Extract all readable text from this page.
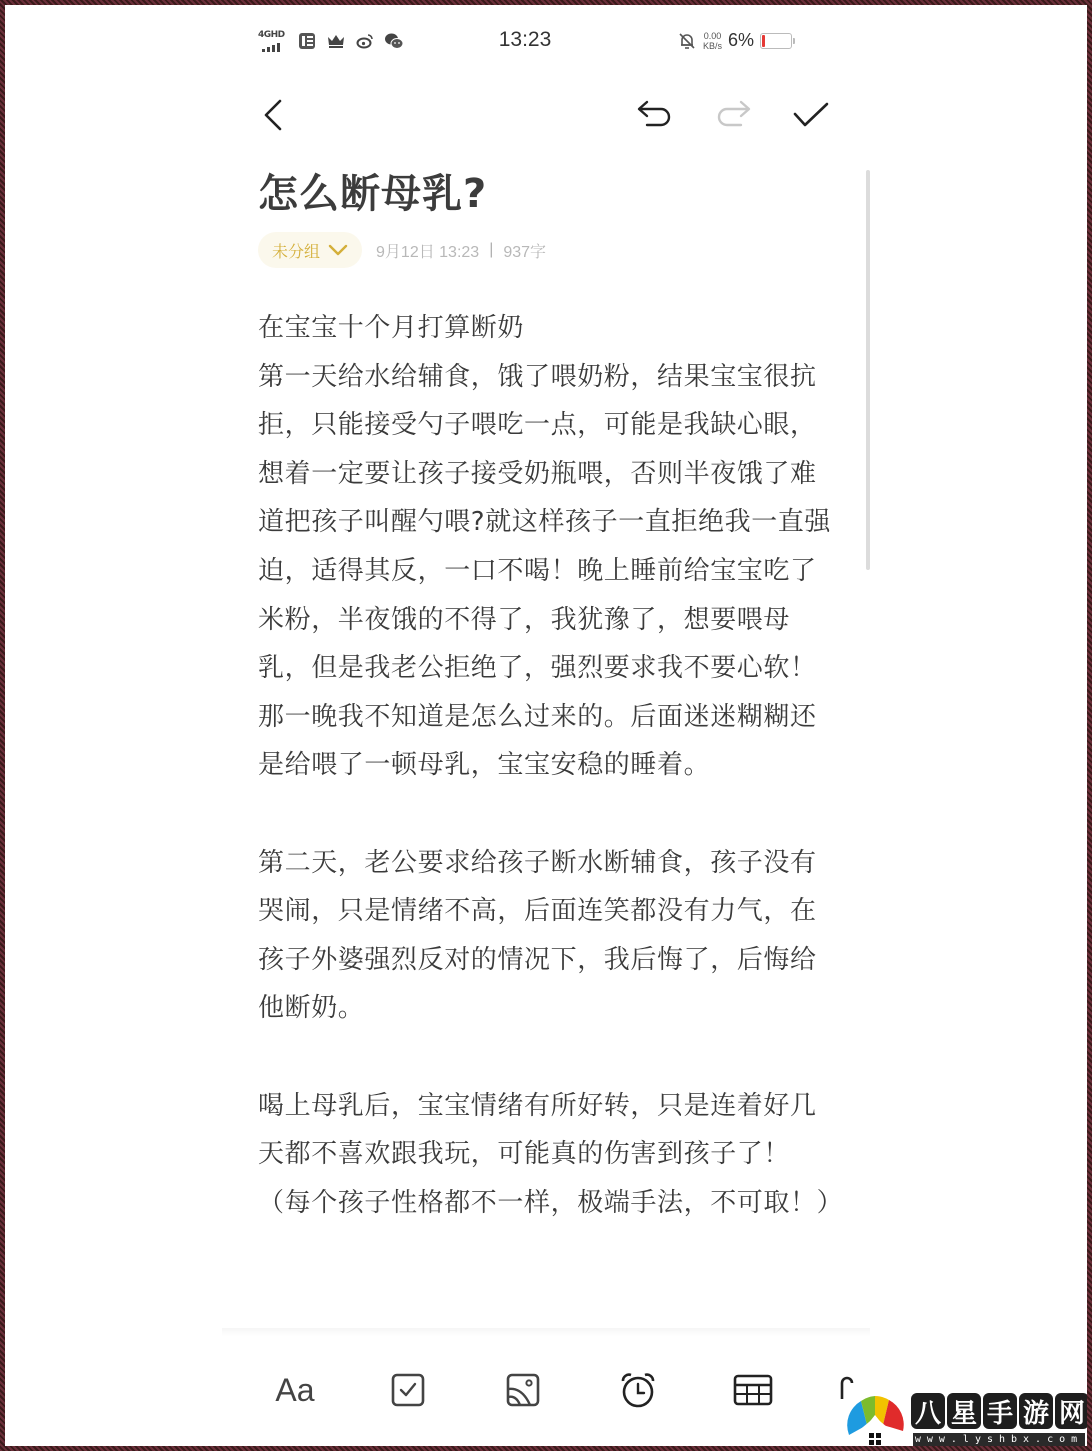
4GHD	13:23	0.00
KB/s 6%
怎么断母乳?
未分组	9月12日 13:23 | 937字

在宝宝十个月打算断奶

第一天给水给辅食，饿了喂奶粉，结果宝宝很抗拒，只能接受勺子喂吃一点，可能是我缺心眼，想着一定要让孩子接受奶瓶喂，否则半夜饿了难道把孩子叫醒勺喂?就这样孩子一直拒绝我一直强迫，适得其反，一口不喝！晚上睡前给宝宝吃了米粉，半夜饿的不得了，我犹豫了，想要喂母乳，但是我老公拒绝了，强烈要求我不要心软！那一晚我不知道是怎么过来的。后面迷迷糊糊还是给喂了一顿母乳，宝宝安稳的睡着。

第二天，老公要求给孩子断水断辅食，孩子没有哭闹，只是情绪不高，后面连笑都没有力气，在孩子外婆强烈反对的情况下，我后悔了，后悔给他断奶。

喝上母乳后，宝宝情绪有所好转，只是连着好几天都不喜欢跟我玩，可能真的伤害到孩子了！（每个孩子性格都不一样，极端手法，不可取！）

Aa
八 星 手 游 网
www.lyshbx.com
